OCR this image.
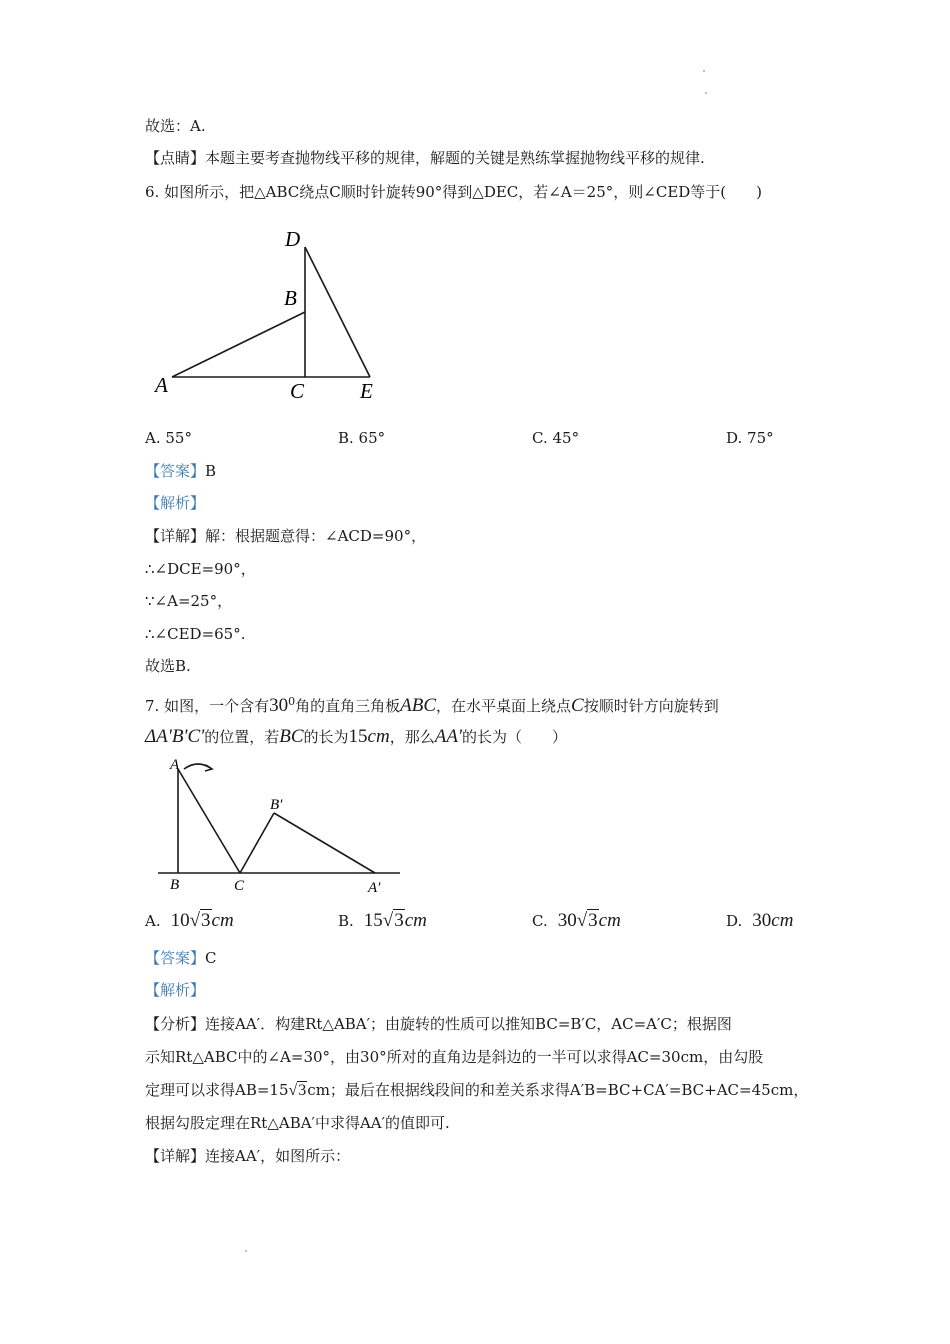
故选：A.
【点睛】本题主要考查抛物线平移的规律，解题的关键是熟练掌握抛物线平移的规律.
6. 如图所示，把△ABC绕点C顺时针旋转90°得到△DEC，若∠A＝25°，则∠CED等于(　　)
D
B
A	C	E
A. 55°	B. 65°	C. 45°	D. 75°
【答案】B
【解析】
【详解】解：根据题意得：∠ACD=90°，
∴∠DCE=90°，
∵∠A=25°，
∴∠CED=65°.
故选B.
7. 如图，一个含有$30^0$角的直角三角板ABC，在水平桌面上绕点C按顺时针方向旋转到
ΔA'B'C'的位置，若BC的长为15cm，那么AA'的长为（　　）
A
B	C
B′
A′
A. 10√3cm	B. 15√3cm	C. 30√3cm	D. 30cm
【答案】C
【解析】
【分析】连接AA′．构建Rt△ABA′；由旋转的性质可以推知BC=B′C，AC=A′C；根据图
示知Rt△ABC中的∠A=30°，由30°所对的直角边是斜边的一半可以求得AC=30cm，由勾股
定理可以求得AB=15√3cm；最后在根据线段间的和差关系求得A′B=BC+CA′=BC+AC=45cm，
根据勾股定理在Rt△ABA′中求得AA′的值即可.
【详解】连接AA′，如图所示：
